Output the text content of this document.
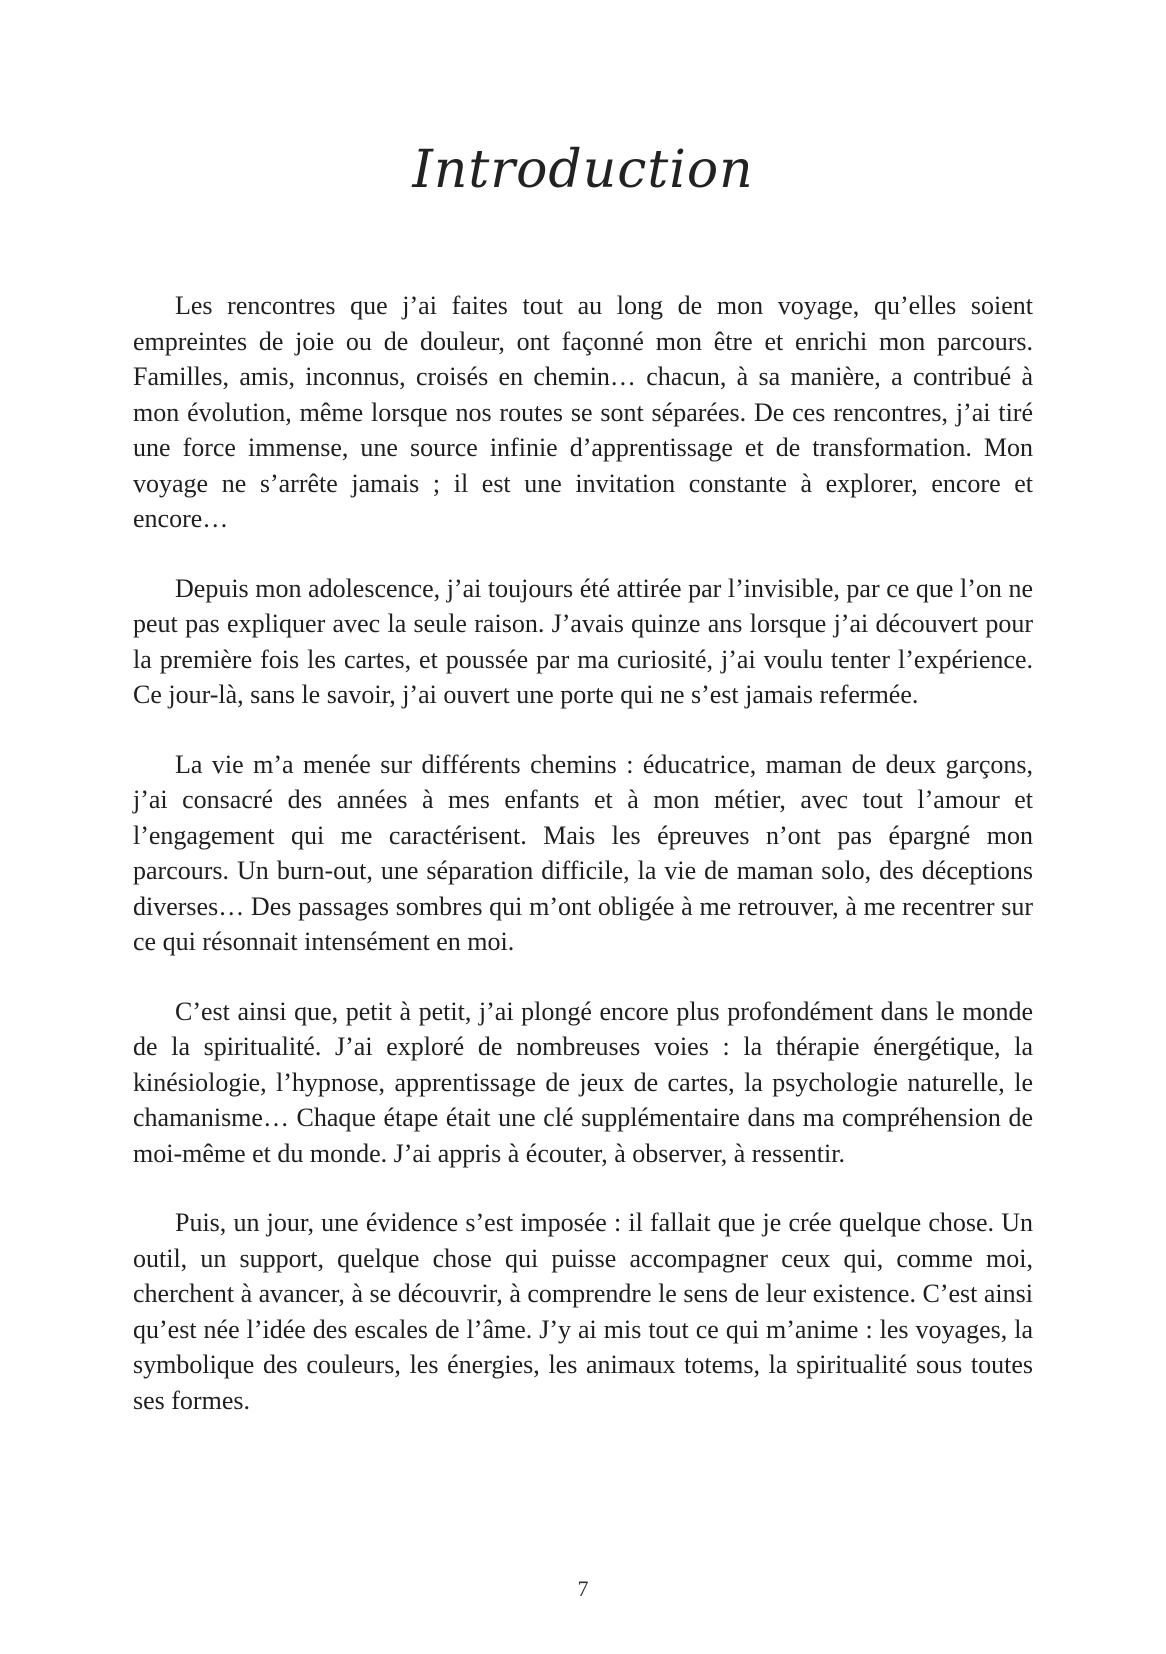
Introduction

Les rencontres que j’ai faites tout au long de mon voyage, qu’elles soient empreintes de joie ou de douleur, ont façonné mon être et enrichi mon parcours. Familles, amis, inconnus, croisés en chemin… chacun, à sa manière, a contribué à mon évolution, même lorsque nos routes se sont séparées. De ces rencontres, j’ai tiré une force immense, une source infinie d’apprentissage et de transformation. Mon voyage ne s’arrête jamais ; il est une invitation constante à explorer, encore et encore…

Depuis mon adolescence, j’ai toujours été attirée par l’invisible, par ce que l’on ne peut pas expliquer avec la seule raison. J’avais quinze ans lorsque j’ai découvert pour la première fois les cartes, et poussée par ma curiosité, j’ai voulu tenter l’expérience. Ce jour-là, sans le savoir, j’ai ouvert une porte qui ne s’est jamais refermée.

La vie m’a menée sur différents chemins : éducatrice, maman de deux garçons, j’ai consacré des années à mes enfants et à mon métier, avec tout l’amour et l’engagement qui me caractérisent. Mais les épreuves n’ont pas épargné mon parcours. Un burn-out, une séparation difficile, la vie de maman solo, des déceptions diverses… Des passages sombres qui m’ont obligée à me retrouver, à me recentrer sur ce qui résonnait intensément en moi.

C’est ainsi que, petit à petit, j’ai plongé encore plus profondément dans le monde de la spiritualité. J’ai exploré de nombreuses voies : la thérapie énergétique, la kinésiologie, l’hypnose, apprentissage de jeux de cartes, la psychologie naturelle, le chamanisme… Chaque étape était une clé supplémentaire dans ma compréhension de moi-même et du monde. J’ai appris à écouter, à observer, à ressentir.

Puis, un jour, une évidence s’est imposée : il fallait que je crée quelque chose. Un outil, un support, quelque chose qui puisse accompagner ceux qui, comme moi, cherchent à avancer, à se découvrir, à comprendre le sens de leur existence. C’est ainsi qu’est née l’idée des escales de l’âme. J’y ai mis tout ce qui m’anime : les voyages, la symbolique des couleurs, les énergies, les animaux totems, la spiritualité sous toutes ses formes.

7
